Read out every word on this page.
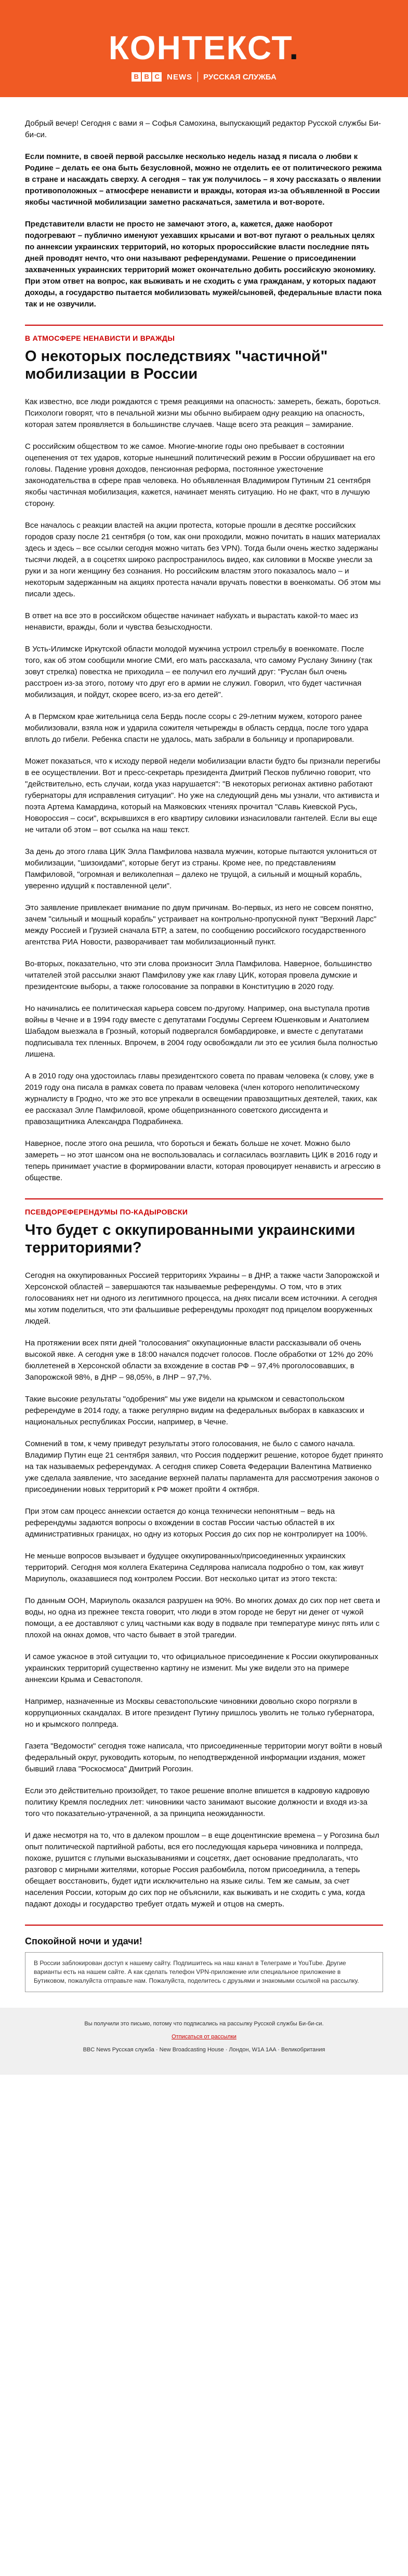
КОНТЕКСТ.
B B C NEWS РУССКАЯ СЛУЖБА

Добрый вечер! Сегодня с вами я – Софья Самохина, выпускающий редактор Русской службы Би-би-си.

Если помните, в своей первой рассылке несколько недель назад я писала о любви к Родине – делать ее она быть безусловной, можно не отделить ее от политического режима в стране и насаждать сверху. А сегодня – так уж получилось – я хочу рассказать о явлении противоположных – атмосфере ненависти и вражды, которая из-за объявленной в России якобы частичной мобилизации заметно раскачаться, заметила и вот-вороте.

Представители власти не просто не замечают этого, а, кажется, даже наоборот подогревают – публично именуют уехавших крысами и вот-вот пугают о реальных целях по аннексии украинских территорий, но которых пророссийские власти последние пять дней проводят нечто, что они называют референдумами. Решение о присоединении захваченных украинских территорий может окончательно добить российскую экономику. При этом ответ на вопрос, как выживать и не сходить с ума гражданам, у которых падают доходы, а государство пытается мобилизовать мужей/сыновей, федеральные власти пока так и не озвучили.

В АТМОСФЕРЕ НЕНАВИСТИ И ВРАЖДЫ
О некоторых последствиях "частичной" мобилизации в России

Как известно, все люди рождаются с тремя реакциями на опасность: замереть, бежать, бороться. Психологи говорят, что в печальной жизни мы обычно выбираем одну реакцию на опасность, которая затем проявляется в большинстве случаев. Чаще всего эта реакция – замирание.

С российским обществом то же самое. Многие-многие годы оно пребывает в состоянии оцепенения от тех ударов, которые нынешний политический режим в России обрушивает на его головы. Падение уровня доходов, пенсионная реформа, постоянное ужесточение законодательства в сфере прав человека. Но объявленная Владимиром Путиным 21 сентября якобы частичная мобилизация, кажется, начинает менять ситуацию. Но не факт, что в лучшую сторону.

Все началось с реакции властей на акции протеста, которые прошли в десятке российских городов сразу после 21 сентября (о том, как они проходили, можно почитать в наших материалах здесь и здесь – все ссылки сегодня можно читать без VPN). Тогда были очень жестко задержаны тысячи людей, а в соцсетях широко распространилось видео, как силовики в Москве унесли за руки и за ноги женщину без сознания. Но российским властям этого показалось мало – и некоторым задержанным на акциях протеста начали вручать повестки в военкоматы. Об этом мы писали здесь.

В ответ на все это в российском обществе начинает набухать и вырастать какой-то маес из ненависти, вражды, боли и чувства безысходности.

В Усть-Илимске Иркутской области молодой мужчина устроил стрельбу в военкомате. После того, как об этом сообщили многие СМИ, его мать рассказала, что самому Руслану Зинину (так зовут стрелка) повестка не приходила – ее получил его лучший друг: "Руслан был очень расстроен из-за этого, потому что друг его в армии не служил. Говорил, что будет частичная мобилизация, и пойдут, скорее всего, из-за его детей".

А в Пермском крае жительница села Бердь после ссоры с 29-летним мужем, которого ранее мобилизовали, взяла нож и ударила сожителя четырежды в область сердца, после того удара вплоть до гибели. Ребенка спасти не удалось, мать забрали в больницу и пропарировали.

Может показаться, что к исходу первой недели мобилизации власти будто бы признали перегибы в ее осуществлении. Вот и пресс-секретарь президента Дмитрий Песков публично говорит, что "действительно, есть случаи, когда указ нарушается": "В некоторых регионах активно работают губернаторы для исправления ситуации". Но уже на следующий день мы узнали, что активиста и поэта Артема Камардина, который на Маяковских чтениях прочитал "Славь Киевской Русь, Новороссия – соси", вскрывшихся в его квартиру силовики изнасиловали гантелей. Если вы еще не читали об этом – вот ссылка на наш текст.

За день до этого глава ЦИК Элла Памфилова назвала мужчин, которые пытаются уклониться от мобилизации, "шизоидами", которые бегут из страны. Кроме нее, по представлениям Памфиловой, "огромная и великолепная – далеко не трущой, а сильный и мощный корабль, уверенно идущий к поставленной цели".

Это заявление привлекает внимание по двум причинам. Во-первых, из него не совсем понятно, зачем "сильный и мощный корабль" устраивает на контрольно-пропускной пункт "Верхний Ларс" между Россией и Грузией сначала БТР, а затем, по сообщению российского государственного агентства РИА Новости, разворачивает там мобилизационный пункт.

Во-вторых, показательно, что эти слова произносит Элла Памфилова. Наверное, большинство читателей этой рассылки знают Памфилову уже как главу ЦИК, которая провела думские и президентские выборы, а также голосование за поправки в Конституцию в 2020 году.

Но начинались ее политическая карьера совсем по-другому. Например, она выступала против войны в Чечне и в 1994 году вместе с депутатами Госдумы Сергеем Юшенковым и Анатолием Шабадом выезжала в Грозный, который подвергался бомбардировке, и вместе с депутатами подписывала тех пленных. Впрочем, в 2004 году освобождали ли это ее усилия была полностью лишена.

А в 2010 году она удостоилась главы президентского совета по правам человека (к слову, уже в 2019 году она писала в рамках совета по правам человека (член которого неполитическому журналисту в Гродно, что же это все упрекали в освещении правозащитных деятелей, таких, как ее рассказал Элле Памфиловой, кроме общепризнанного советского диссидента и правозащитника Александра Подрабинека.

Наверное, после этого она решила, что бороться и бежать больше не хочет. Можно было замереть – но этот шансом она не воспользовалась и согласилась возглавить ЦИК в 2016 году и теперь принимает участие в формировании власти, которая провоцирует ненависть и агрессию в обществе.

ПСЕВДОРЕФЕРЕНДУМЫ ПО-КАДЫРОВСКИ
Что будет с оккупированными украинскими территориями?

Сегодня на оккупированных Россией территориях Украины – в ДНР, а также части Запорожской и Херсонской областей – завершаются так называемые референдумы. О том, что в этих голосованиях нет ни одного из легитимного процесса, на днях писали всем источники. А сегодня мы хотим поделиться, что эти фальшивые референдумы проходят под прицелом вооруженных людей.

На протяжении всех пяти дней "голосования" оккупационные власти рассказывали об очень высокой явке. А сегодня уже в 18:00 начался подсчет голосов. После обработки от 12% до 20% бюллетеней в Херсонской области за вхождение в состав РФ – 97,4% проголосовавших, в Запорожской 98%, в ДНР – 98,05%, в ЛНР – 97,7%.

Такие высокие результаты "одобрения" мы уже видели на крымском и севастопольском референдуме в 2014 году, а также регулярно видим на федеральных выборах в кавказских и национальных республиках России, например, в Чечне.

Сомнений в том, к чему приведут результаты этого голосования, не было с самого начала. Владимир Путин еще 21 сентября заявил, что Россия поддержит решение, которое будет принято на так называемых референдумах. А сегодня спикер Совета Федерации Валентина Матвиенко уже сделала заявление, что заседание верхней палаты парламента для рассмотрения законов о присоединении новых территорий к РФ может пройти 4 октября.

При этом сам процесс аннексии остается до конца технически непонятным – ведь на референдумы задаются вопросы о вхождении в состав России частью областей в их административных границах, но одну из которых Россия до сих пор не контролирует на 100%.

Не меньше вопросов вызывает и будущее оккупированных/присоединенных украинских территорий. Сегодня моя коллега Екатерина Седлярова написала подробно о том, как живут Мариуполь, оказавшиеся под контролем России. Вот несколько цитат из этого текста:

По данным ООН, Мариуполь оказался разрушен на 90%. Во многих домах до сих пор нет света и воды, но одна из прежнее текста говорит, что люди в этом городе не берут ни денег от чужой помощи, а ее доставляют с улиц частными как воду в подвале при температуре минус пять или с плохой на окнах домов, что часто бывает в этой трагедии.

И самое ужасное в этой ситуации то, что официальное присоединение к России оккупированных украинских территорий существенно картину не изменит. Мы уже видели это на примере аннексии Крыма и Севастополя.

Например, назначенные из Москвы севастопольские чиновники довольно скоро погрязли в коррупционных скандалах. В итоге президент Путину пришлось уволить не только губернатора, но и крымского полпреда.

Газета "Ведомости" сегодня тоже написала, что присоединенные территории могут войти в новый федеральный округ, руководить которым, по неподтвержденной информации издания, может бывший глава "Роскосмоса" Дмитрий Рогозин.

Если это действительно произойдет, то такое решение вполне впишется в кадровую кадровую политику Кремля последних лет: чиновники часто занимают высокие должности и входя из-за того что показательно-утраченной, а за принципа неожиданности.

И даже несмотря на то, что в далеком прошлом – в еще доцентинские времена – у Рогозина был опыт политической партийной работы, вся его последующая карьера чиновника и полпреда, похоже, рушится с глупыми высказываниями и соцсетях, дает основание предполагать, что разговор с мирными жителями, которые Россия разбомбила, потом присоединила, а теперь обещает восстановить, будет идти исключительно на языке силы. Тем же самым, за счет населения России, которым до сих пор не объяснили, как выживать и не сходить с ума, когда падают доходы и государство требует отдать мужей и отцов на смерть.

Спокойной ночи и удачи!
В России заблокирован доступ к нашему сайту. Подпишитесь на наш канал в Телеграме и YouTube. Другие варианты есть на нашем сайте. А как сделать телефон VPN-приложение или специальное приложение в Бутиковом, пожалуйста отправьте нам. Пожалуйста, поделитесь с друзьями и знакомыми ссылкой на рассылку.

Вы получили это письмо, потому что подписались на рассылку Русской службы Би-би-си.

Отписаться от рассылки

BBC News Русская служба · New Broadcasting House · Лондон, W1A 1AA · Великобритания
